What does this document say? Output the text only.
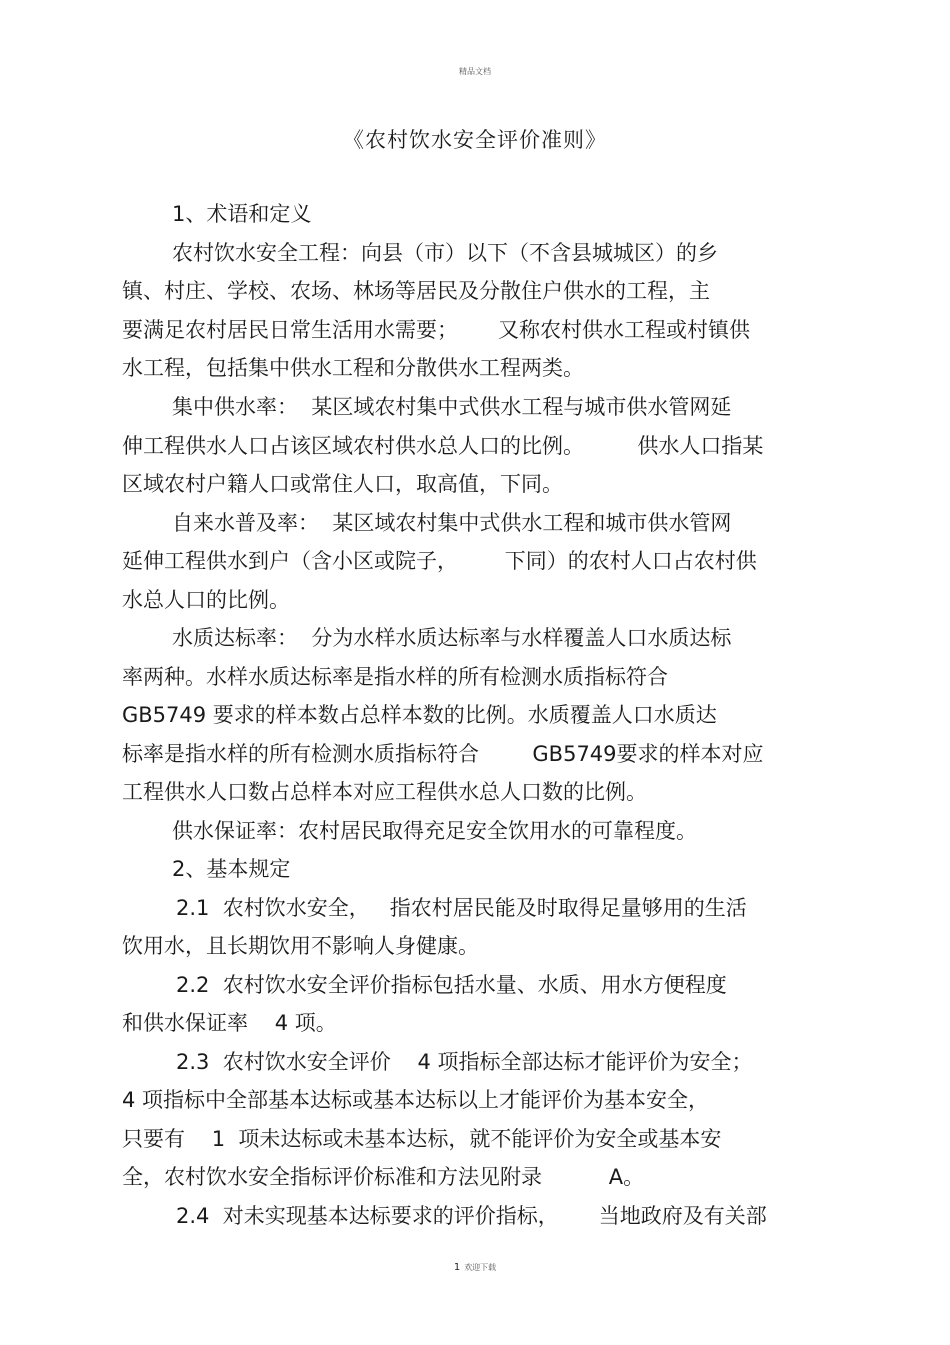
精品文档
《农村饮水安全评价准则》
1、术语和定义
农村饮水安全工程：向县（市）以下（不含县城城区）的乡
镇、村庄、学校、农场、林场等居民及分散住户供水的工程，主
要满足农村居民日常生活用水需要；      又称农村供水工程或村镇供
水工程，包括集中供水工程和分散供水工程两类。
集中供水率：  某区域农村集中式供水工程与城市供水管网延
伸工程供水人口占该区域农村供水总人口的比例。        供水人口指某
区域农村户籍人口或常住人口，取高值，下同。
自来水普及率：  某区域农村集中式供水工程和城市供水管网
延伸工程供水到户（含小区或院子，       下同）的农村人口占农村供
水总人口的比例。
水质达标率：  分为水样水质达标率与水样覆盖人口水质达标
率两种。水样水质达标率是指水样的所有检测水质指标符合
GB5749 要求的样本数占总样本数的比例。水质覆盖人口水质达
标率是指水样的所有检测水质指标符合        GB5749要求的样本对应
工程供水人口数占总样本对应工程供水总人口数的比例。
供水保证率：农村居民取得充足安全饮用水的可靠程度。
2、基本规定
2.1  农村饮水安全，   指农村居民能及时取得足量够用的生活
饮用水，且长期饮用不影响人身健康。
2.2  农村饮水安全评价指标包括水量、水质、用水方便程度
和供水保证率    4 项。
2.3  农村饮水安全评价    4 项指标全部达标才能评价为安全；
4 项指标中全部基本达标或基本达标以上才能评价为基本安全，
只要有    1  项未达标或未基本达标，就不能评价为安全或基本安
全，农村饮水安全指标评价标准和方法见附录          A。
2.4  对未实现基本达标要求的评价指标，      当地政府及有关部
1 欢迎下载
